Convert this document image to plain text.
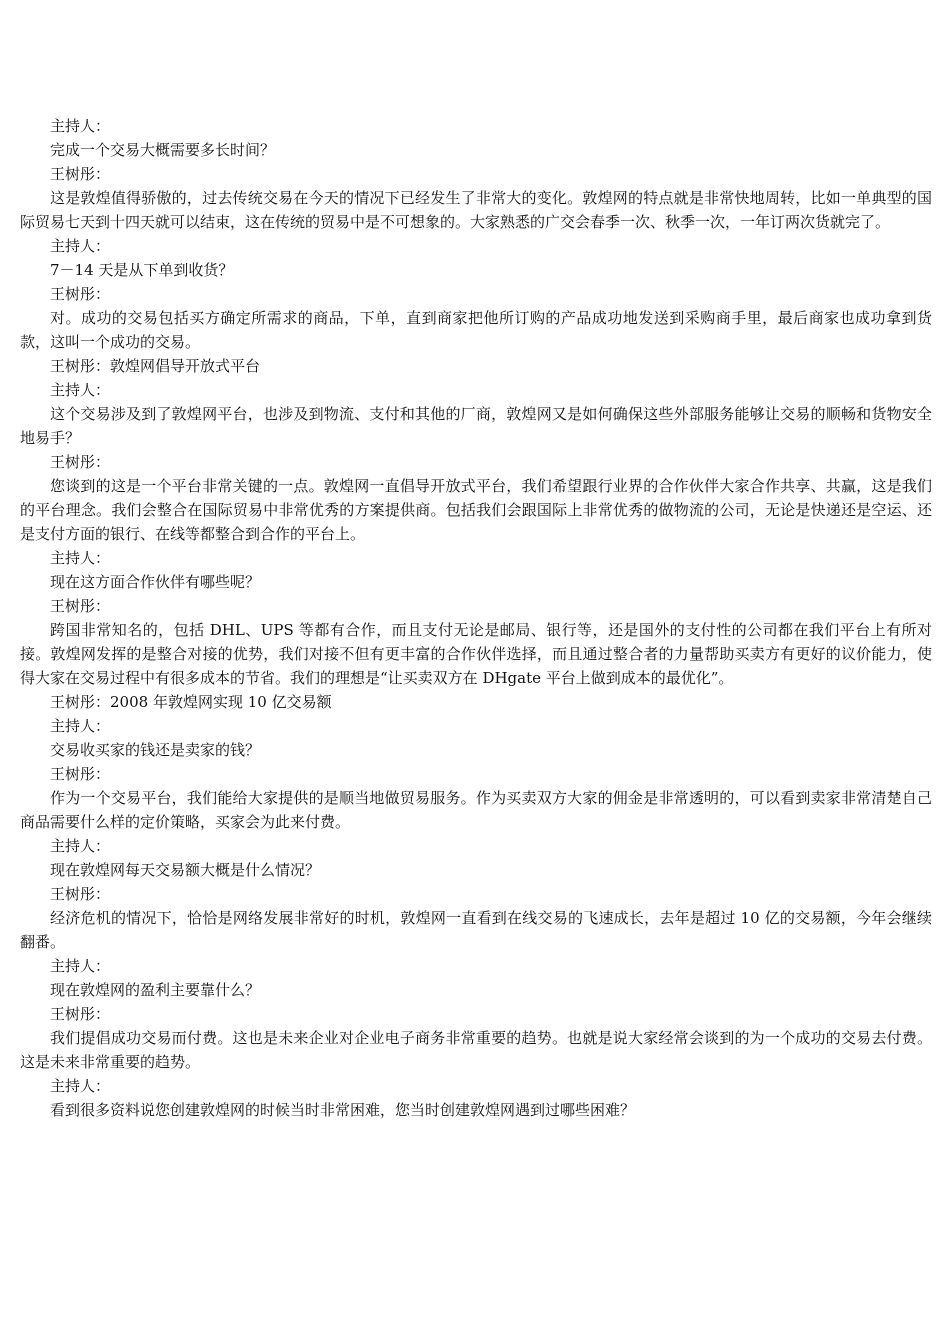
主持人：

完成一个交易大概需要多长时间？

王树彤：

这是敦煌值得骄傲的，过去传统交易在今天的情况下已经发生了非常大的变化。敦煌网的特点就是非常快地周转，比如一单典型的国际贸易七天到十四天就可以结束，这在传统的贸易中是不可想象的。大家熟悉的广交会春季一次、秋季一次，一年订两次货就完了。

主持人：

7－14 天是从下单到收货？

王树彤：

对。成功的交易包括买方确定所需求的商品，下单，直到商家把他所订购的产品成功地发送到采购商手里，最后商家也成功拿到货款，这叫一个成功的交易。

王树彤：敦煌网倡导开放式平台

主持人：

这个交易涉及到了敦煌网平台，也涉及到物流、支付和其他的厂商，敦煌网又是如何确保这些外部服务能够让交易的顺畅和货物安全地易手？

王树彤：

您谈到的这是一个平台非常关键的一点。敦煌网一直倡导开放式平台，我们希望跟行业界的合作伙伴大家合作共享、共赢，这是我们的平台理念。我们会整合在国际贸易中非常优秀的方案提供商。包括我们会跟国际上非常优秀的做物流的公司，无论是快递还是空运、还是支付方面的银行、在线等都整合到合作的平台上。

主持人：

现在这方面合作伙伴有哪些呢？

王树彤：

跨国非常知名的，包括 DHL、UPS 等都有合作，而且支付无论是邮局、银行等，还是国外的支付性的公司都在我们平台上有所对接。敦煌网发挥的是整合对接的优势，我们对接不但有更丰富的合作伙伴选择，而且通过整合者的力量帮助买卖方有更好的议价能力，使得大家在交易过程中有很多成本的节省。我们的理想是“让买卖双方在 DHgate 平台上做到成本的最优化”。

王树彤：2008 年敦煌网实现 10 亿交易额

主持人：

交易收买家的钱还是卖家的钱？

王树彤：

作为一个交易平台，我们能给大家提供的是顺当地做贸易服务。作为买卖双方大家的佣金是非常透明的，可以看到卖家非常清楚自己商品需要什么样的定价策略，买家会为此来付费。

主持人：

现在敦煌网每天交易额大概是什么情况？

王树彤：

经济危机的情况下，恰恰是网络发展非常好的时机，敦煌网一直看到在线交易的飞速成长，去年是超过 10 亿的交易额，今年会继续翻番。

主持人：

现在敦煌网的盈利主要靠什么？

王树彤：

我们提倡成功交易而付费。这也是未来企业对企业电子商务非常重要的趋势。也就是说大家经常会谈到的为一个成功的交易去付费。这是未来非常重要的趋势。

主持人：

看到很多资料说您创建敦煌网的时候当时非常困难，您当时创建敦煌网遇到过哪些困难？
